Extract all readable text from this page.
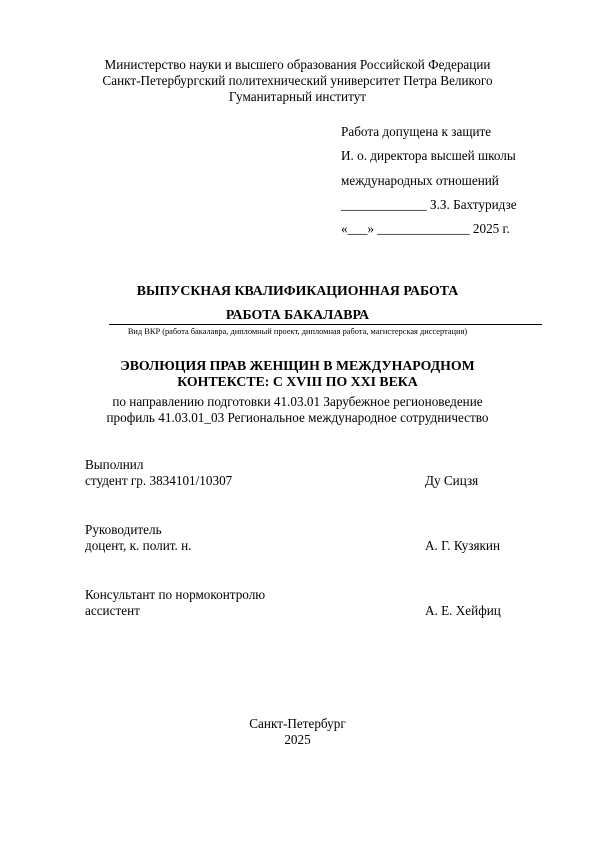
Министерство науки и высшего образования Российской Федерации
Санкт-Петербургский политехнический университет Петра Великого
Гуманитарный институт
Работа допущена к защите
И. о. директора высшей школы
международных отношений
_____________ З.З. Бахтуридзе
«___» ______________ 2025 г.
ВЫПУСКНАЯ КВАЛИФИКАЦИОННАЯ РАБОТА
РАБОТА БАКАЛАВРА
Вид ВКР (работа бакалавра, дипломный проект, дипломная работа, магистерская диссертация)
ЭВОЛЮЦИЯ ПРАВ ЖЕНЩИН В МЕЖДУНАРОДНОМ
КОНТЕКСТЕ: С XVIII ПО XXI ВЕКА
по направлению подготовки 41.03.01 Зарубежное регионоведение
профиль 41.03.01_03 Региональное международное сотрудничество
Выполнил
студент гр. 3834101/10307	Ду Сицзя
Руководитель
доцент, к. полит. н.	А. Г. Кузякин
Консультант по нормоконтролю
ассистент	А. Е. Хейфиц
Санкт-Петербург
2025
